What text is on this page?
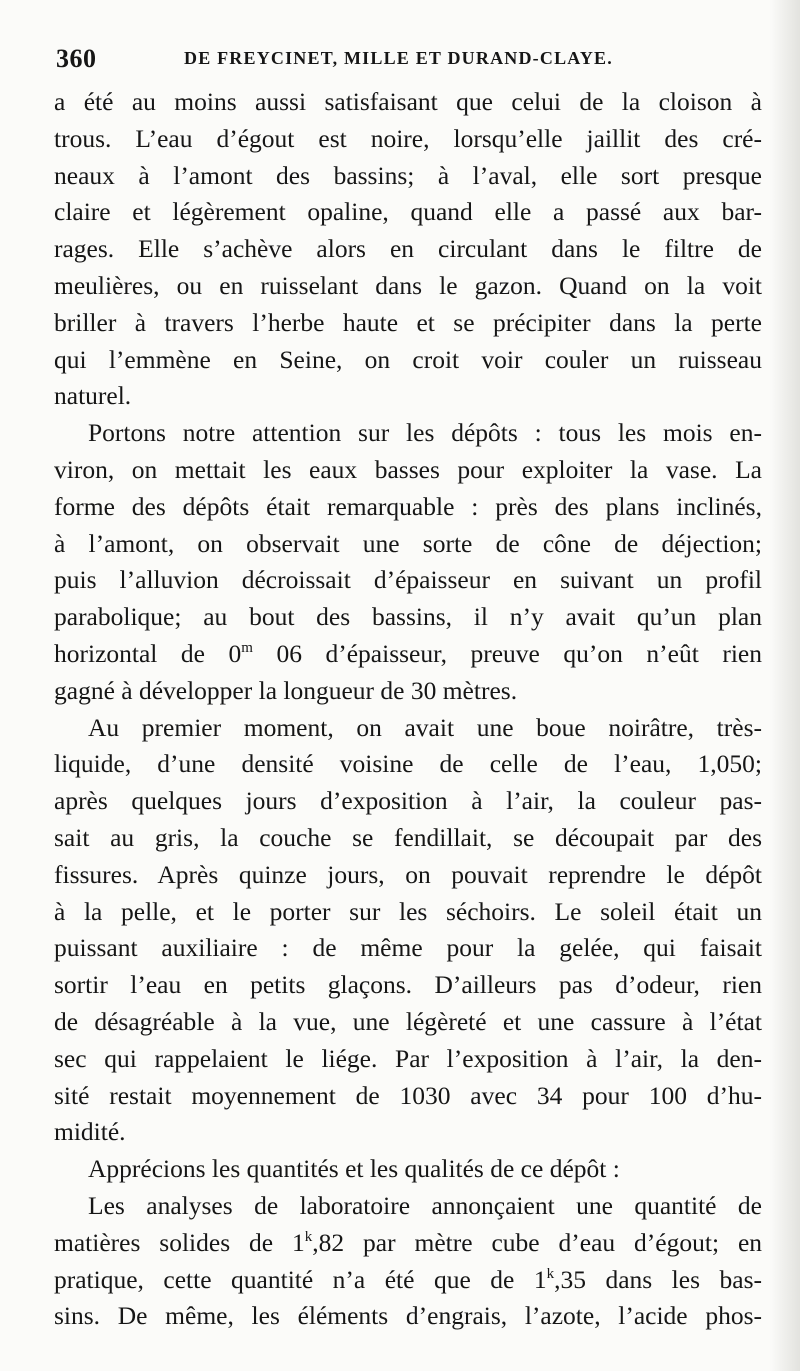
360	DE FREYCINET, MILLE ET DURAND-CLAYE.
a été au moins aussi satisfaisant que celui de la cloison à
trous. L’eau d’égout est noire, lorsqu’elle jaillit des cré-
neaux à l’amont des bassins; à l’aval, elle sort presque
claire et légèrement opaline, quand elle a passé aux bar-
rages. Elle s’achève alors en circulant dans le filtre de
meulières, ou en ruisselant dans le gazon. Quand on la voit
briller à travers l’herbe haute et se précipiter dans la perte
qui l’emmène en Seine, on croit voir couler un ruisseau
naturel.
Portons notre attention sur les dépôts : tous les mois en-
viron, on mettait les eaux basses pour exploiter la vase. La
forme des dépôts était remarquable : près des plans inclinés,
à l’amont, on observait une sorte de cône de déjection;
puis l’alluvion décroissait d’épaisseur en suivant un profil
parabolique; au bout des bassins, il n’y avait qu’un plan
horizontal de 0$^m$ 06 d’épaisseur, preuve qu’on n’eût rien
gagné à développer la longueur de 30 mètres.
Au premier moment, on avait une boue noirâtre, très-
liquide, d’une densité voisine de celle de l’eau, 1,050;
après quelques jours d’exposition à l’air, la couleur pas-
sait au gris, la couche se fendillait, se découpait par des
fissures. Après quinze jours, on pouvait reprendre le dépôt
à la pelle, et le porter sur les séchoirs. Le soleil était un
puissant auxiliaire : de même pour la gelée, qui faisait
sortir l’eau en petits glaçons. D’ailleurs pas d’odeur, rien
de désagréable à la vue, une légèreté et une cassure à l’état
sec qui rappelaient le liége. Par l’exposition à l’air, la den-
sité restait moyennement de 1030 avec 34 pour 100 d’hu-
midité.
Apprécions les quantités et les qualités de ce dépôt :
Les analyses de laboratoire annonçaient une quantité de
matières solides de 1$^k$,82 par mètre cube d’eau d’égout; en
pratique, cette quantité n’a été que de 1$^k$,35 dans les bas-
sins. De même, les éléments d’engrais, l’azote, l’acide phos-
